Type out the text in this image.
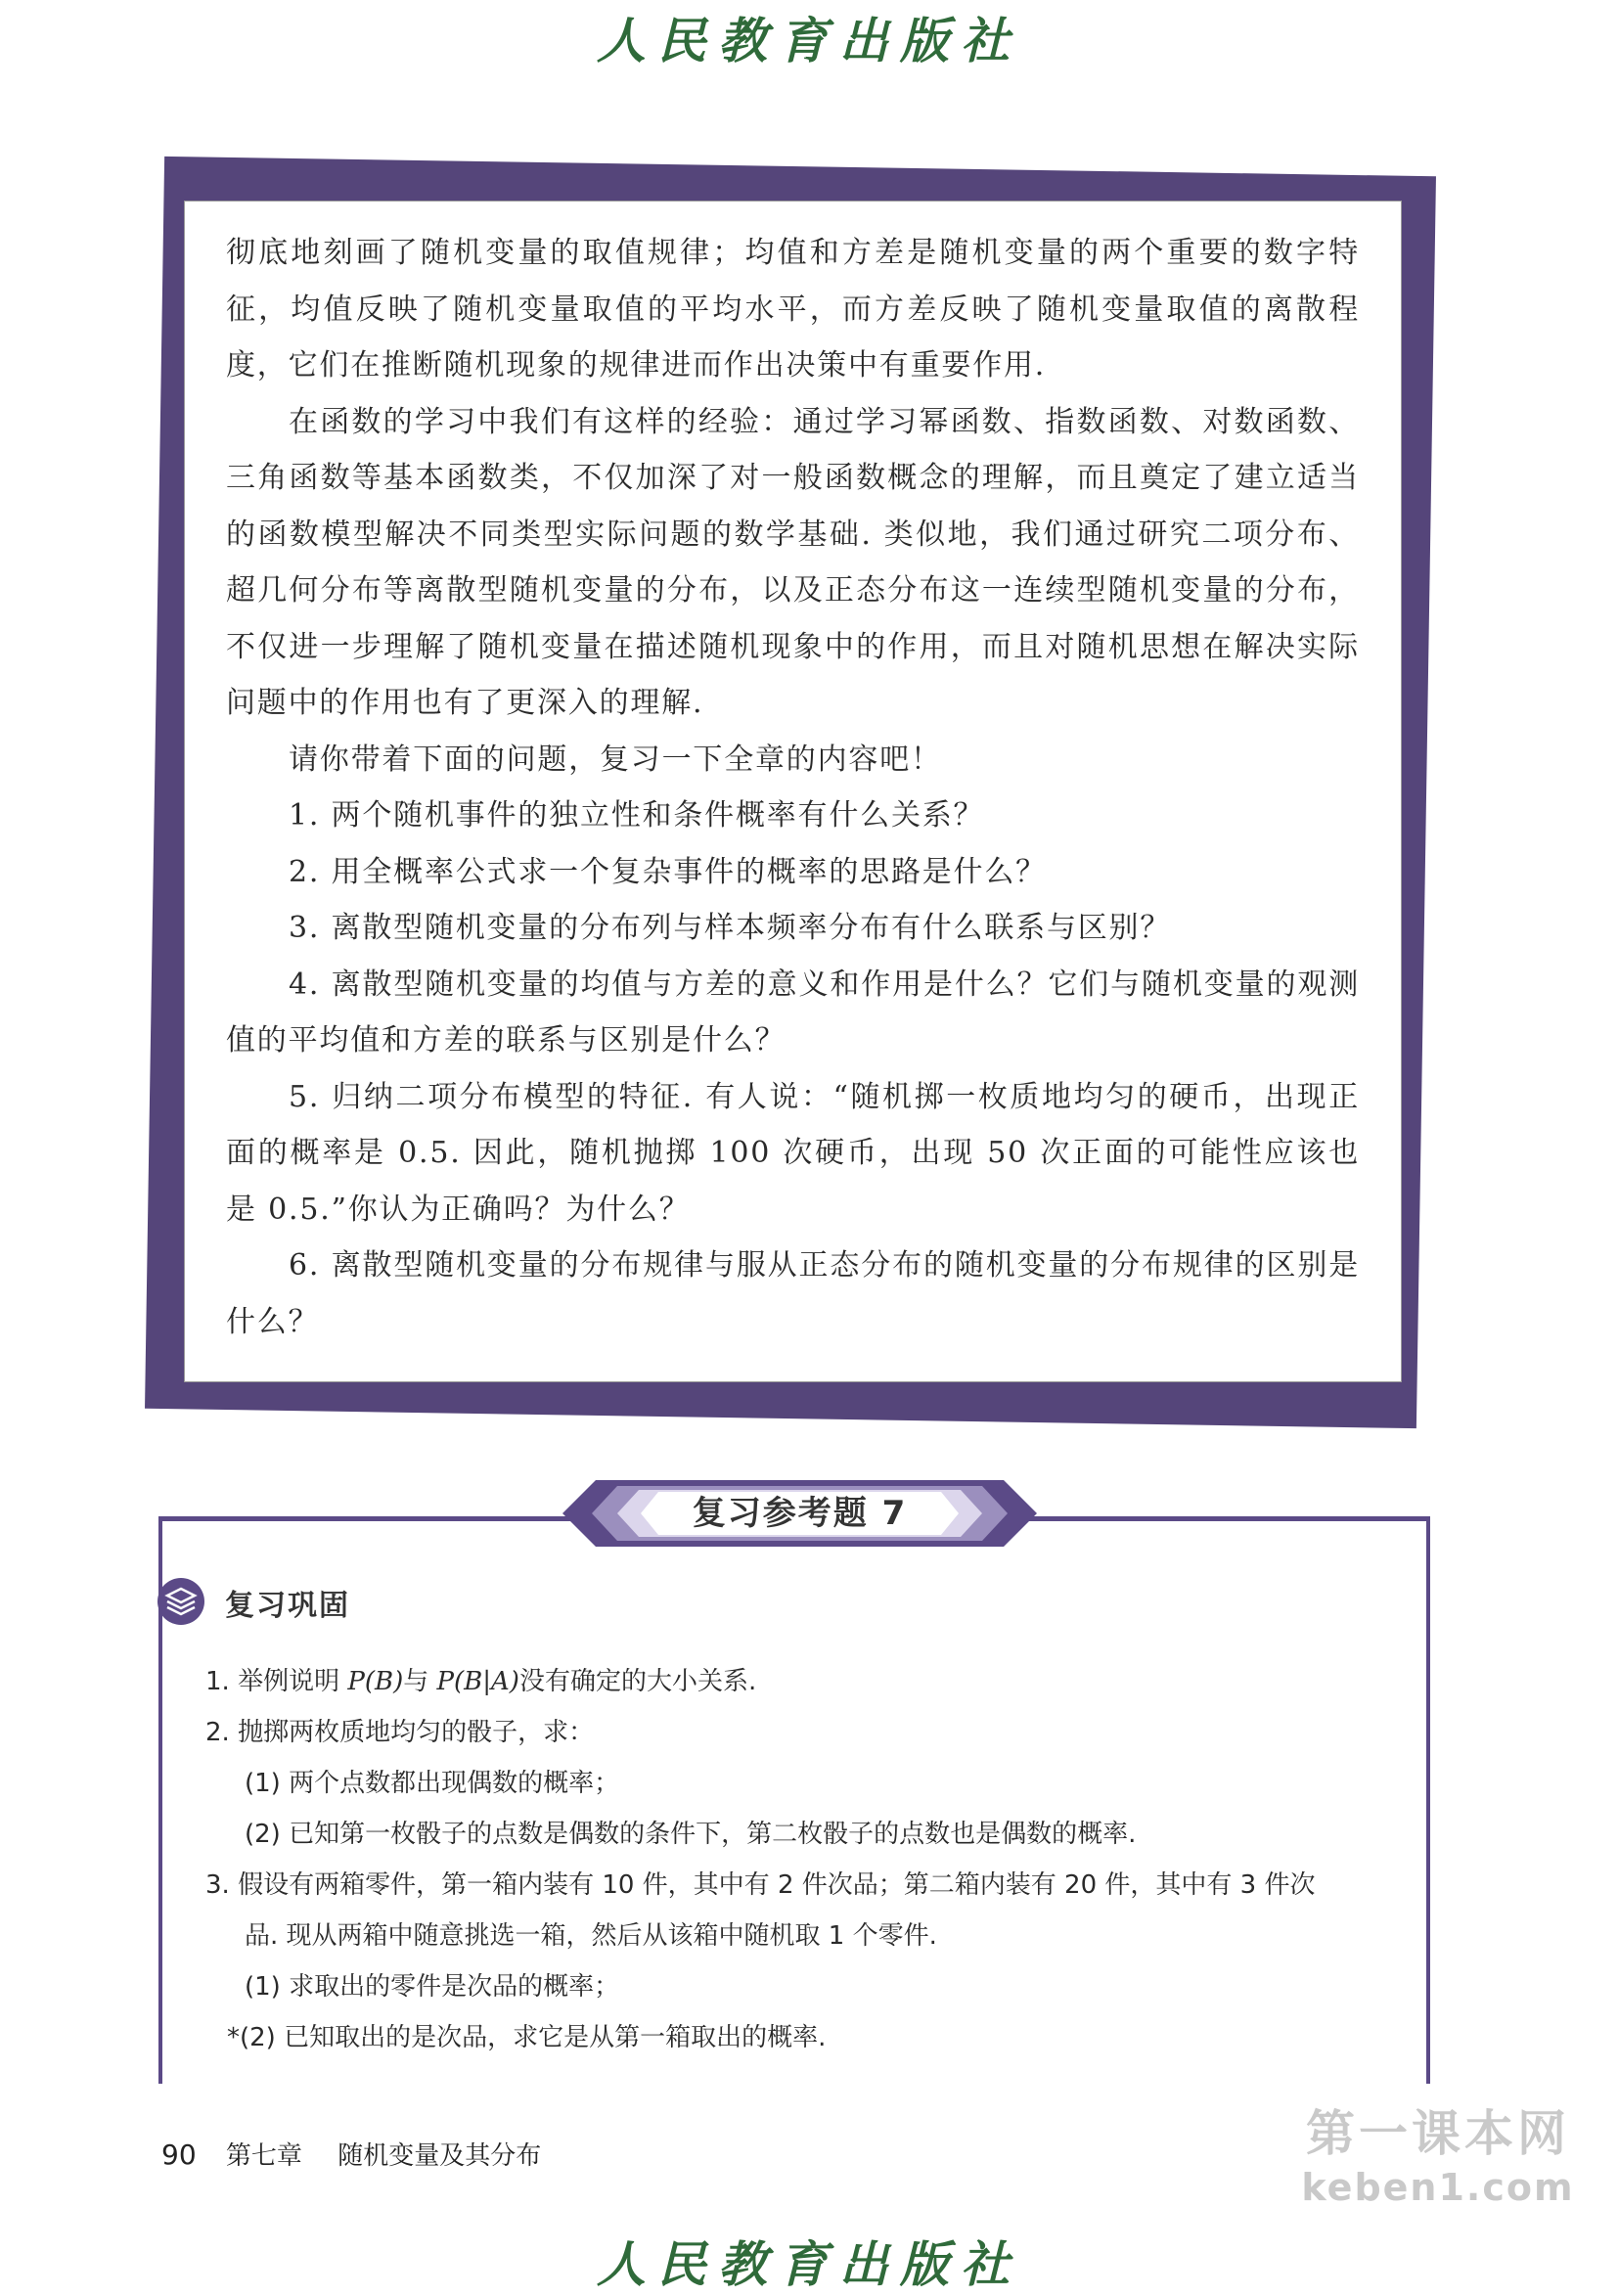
人民教育出版社

彻底地刻画了随机变量的取值规律；均值和方差是随机变量的两个重要的数字特征，均值反映了随机变量取值的平均水平，而方差反映了随机变量取值的离散程度，它们在推断随机现象的规律进而作出决策中有重要作用.

在函数的学习中我们有这样的经验：通过学习幂函数、指数函数、对数函数、三角函数等基本函数类，不仅加深了对一般函数概念的理解，而且奠定了建立适当的函数模型解决不同类型实际问题的数学基础. 类似地，我们通过研究二项分布、超几何分布等离散型随机变量的分布，以及正态分布这一连续型随机变量的分布，不仅进一步理解了随机变量在描述随机现象中的作用，而且对随机思想在解决实际问题中的作用也有了更深入的理解.

请你带着下面的问题，复习一下全章的内容吧！

1. 两个随机事件的独立性和条件概率有什么关系？

2. 用全概率公式求一个复杂事件的概率的思路是什么？

3. 离散型随机变量的分布列与样本频率分布有什么联系与区别？

4. 离散型随机变量的均值与方差的意义和作用是什么？它们与随机变量的观测值的平均值和方差的联系与区别是什么？

5. 归纳二项分布模型的特征. 有人说：“随机掷一枚质地均匀的硬币，出现正面的概率是 0.5. 因此，随机抛掷 100 次硬币，出现 50 次正面的可能性应该也是 0.5.”你认为正确吗？为什么？

6. 离散型随机变量的分布规律与服从正态分布的随机变量的分布规律的区别是什么？

复习参考题 7
复习巩固
1. 举例说明 P(B)与 P(B|A)没有确定的大小关系.
2. 抛掷两枚质地均匀的骰子，求：
(1) 两个点数都出现偶数的概率；
(2) 已知第一枚骰子的点数是偶数的条件下，第二枚骰子的点数也是偶数的概率.
3. 假设有两箱零件，第一箱内装有 10 件，其中有 2 件次品；第二箱内装有 20 件，其中有 3 件次
品. 现从两箱中随意挑选一箱，然后从该箱中随机取 1 个零件.
(1) 求取出的零件是次品的概率；
*(2) 已知取出的是次品，求它是从第一箱取出的概率.
90 第七章 随机变量及其分布	第一课本网
keben1.com
人民教育出版社
